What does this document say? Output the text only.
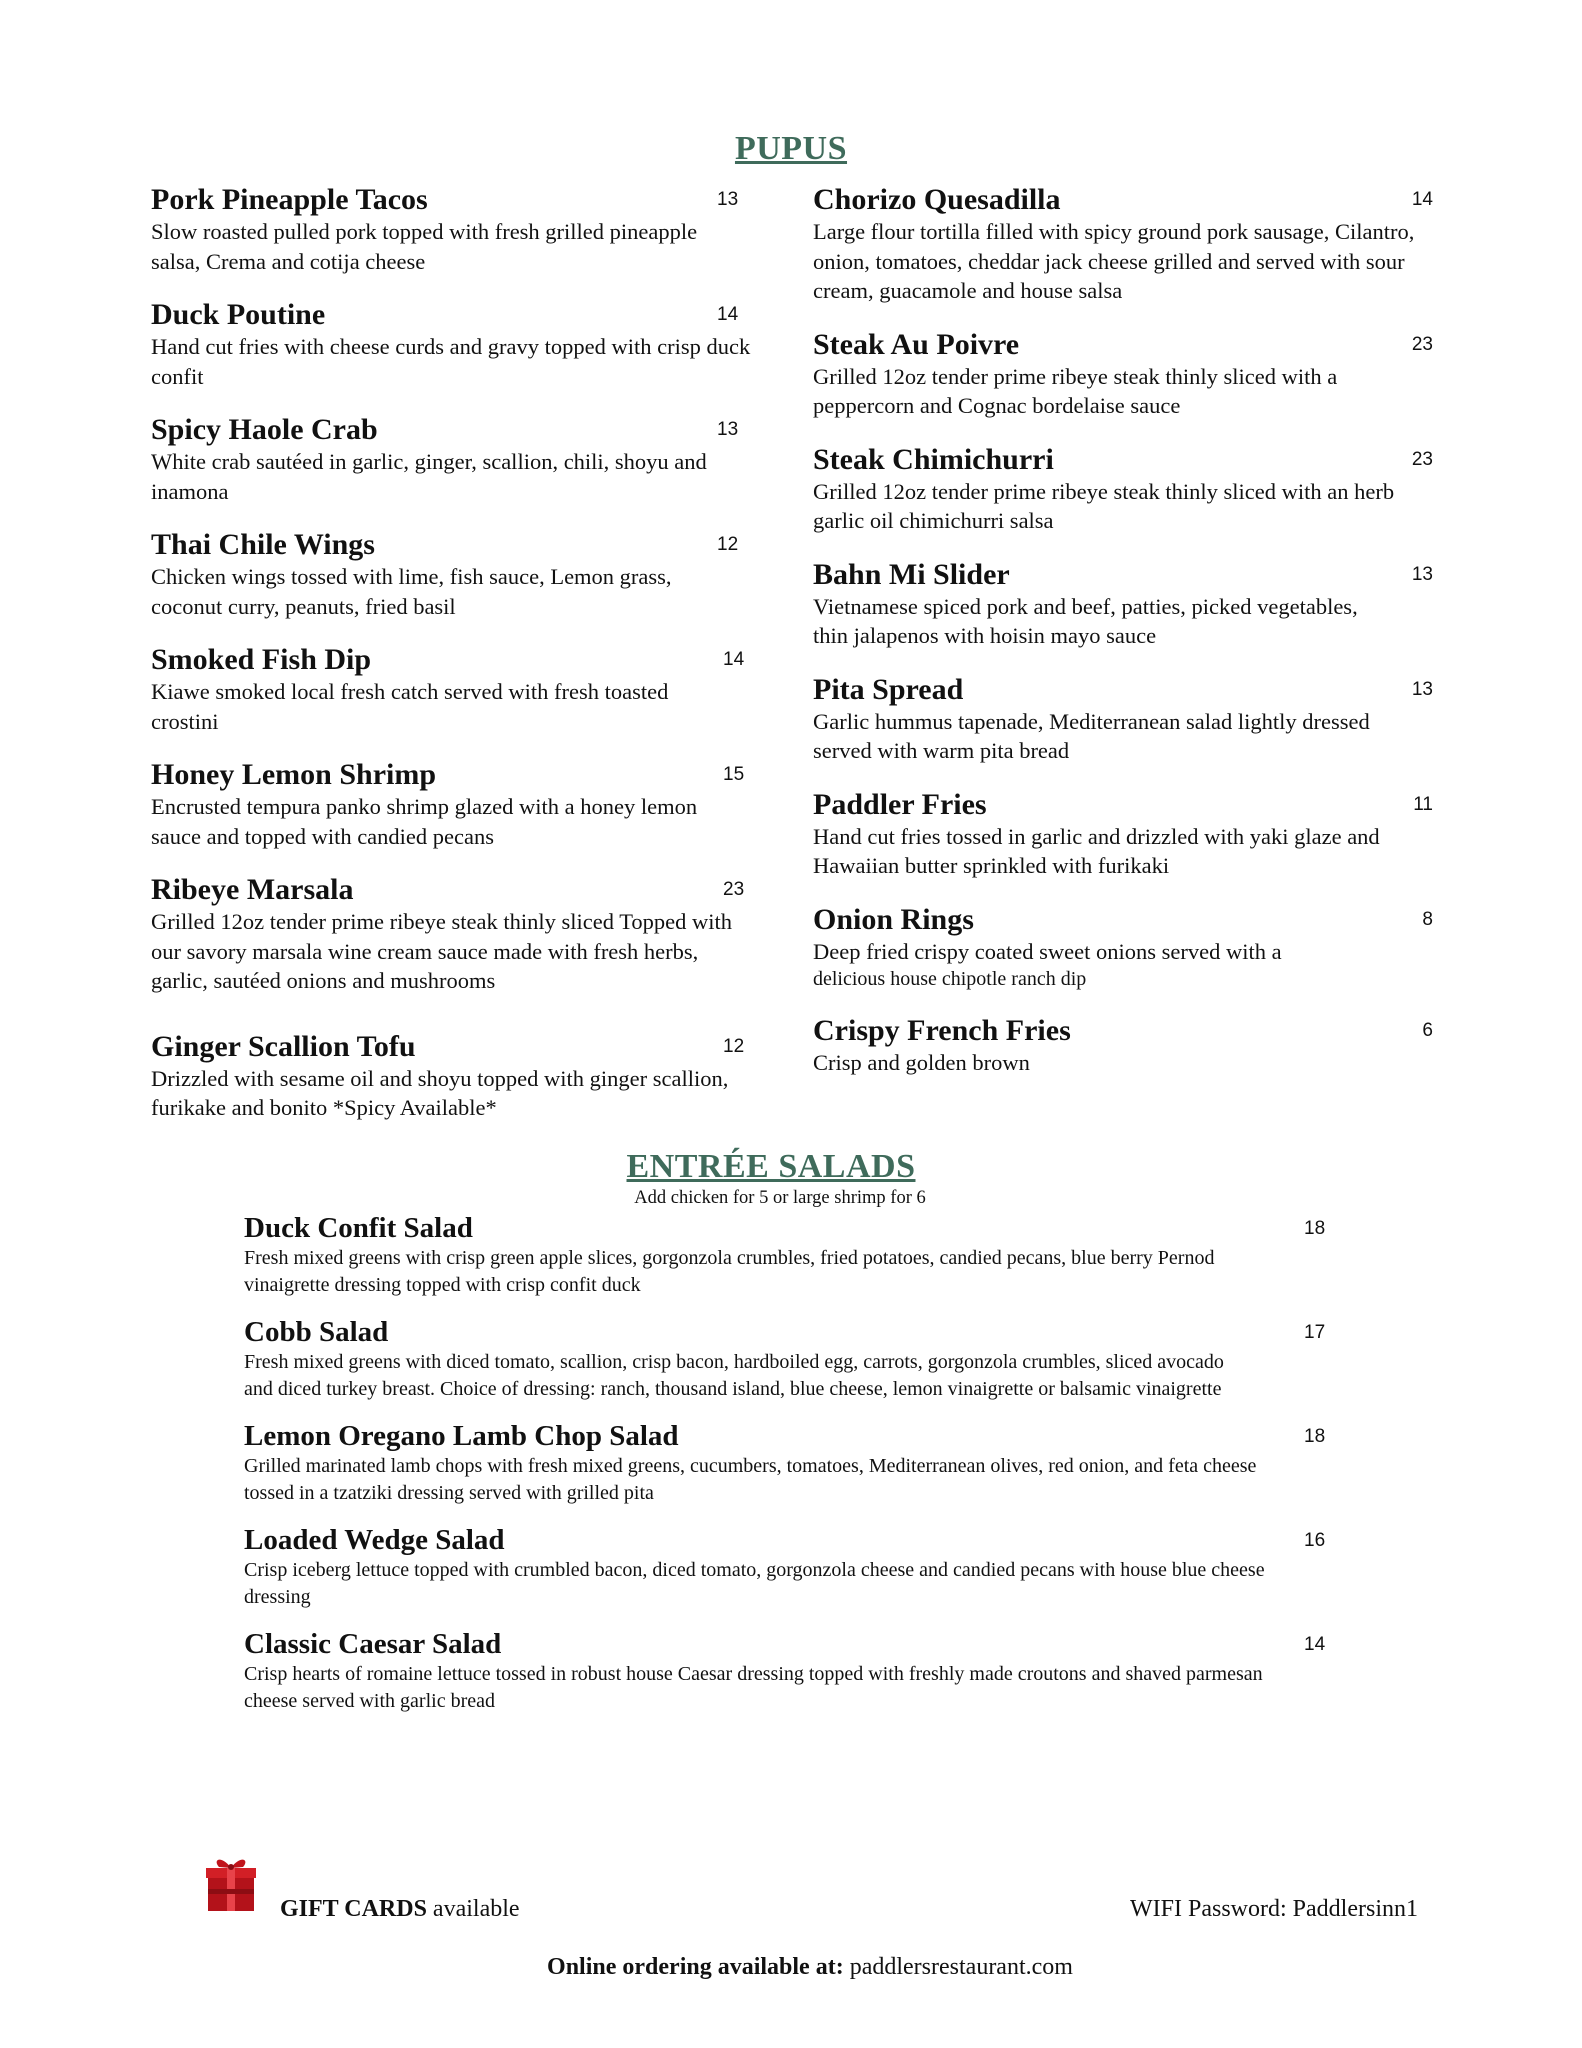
PUPUS
Pork Pineapple Tacos	13
Slow roasted pulled pork topped with fresh grilled pineapple salsa, Crema and cotija cheese
Duck Poutine	14
Hand cut fries with cheese curds and gravy topped with crisp duck confit
Spicy Haole Crab	13
White crab sautéed in garlic, ginger, scallion, chili, shoyu and inamona
Thai Chile Wings	12
Chicken wings tossed with lime, fish sauce, Lemon grass, coconut curry, peanuts, fried basil
Smoked Fish Dip	14
Kiawe smoked local fresh catch served with fresh toasted crostini
Honey Lemon Shrimp	15
Encrusted tempura panko shrimp glazed with a honey lemon sauce and topped with candied pecans
Ribeye Marsala	23
Grilled 12oz tender prime ribeye steak thinly sliced Topped with our savory marsala wine cream sauce made with fresh herbs, garlic, sautéed onions and mushrooms
Ginger Scallion Tofu	12
Drizzled with sesame oil and shoyu topped with ginger scallion, furikake and bonito *Spicy Available*
Chorizo Quesadilla	14
Large flour tortilla filled with spicy ground pork sausage, Cilantro, onion, tomatoes, cheddar jack cheese grilled and served with sour cream, guacamole and house salsa
Steak Au Poivre	23
Grilled 12oz tender prime ribeye steak thinly sliced with a peppercorn and Cognac bordelaise sauce
Steak Chimichurri	23
Grilled 12oz tender prime ribeye steak thinly sliced with an herb garlic oil chimichurri salsa
Bahn Mi Slider	13
Vietnamese spiced pork and beef, patties, picked vegetables, thin jalapenos with hoisin mayo sauce
Pita Spread	13
Garlic hummus tapenade, Mediterranean salad lightly dressed served with warm pita bread
Paddler Fries	11
Hand cut fries tossed in garlic and drizzled with yaki glaze and Hawaiian butter sprinkled with furikaki
Onion Rings	8
Deep fried crispy coated sweet onions served with a
delicious house chipotle ranch dip
Crispy French Fries	6
Crisp and golden brown
ENTRÉE SALADS
Add chicken for 5 or large shrimp for 6
Duck Confit Salad	18
Fresh mixed greens with crisp green apple slices, gorgonzola crumbles, fried potatoes, candied pecans, blue berry Pernod vinaigrette dressing topped with crisp confit duck
Cobb Salad	17
Fresh mixed greens with diced tomato, scallion, crisp bacon, hardboiled egg, carrots, gorgonzola crumbles, sliced avocado and diced turkey breast. Choice of dressing: ranch, thousand island, blue cheese, lemon vinaigrette or balsamic vinaigrette
Lemon Oregano Lamb Chop Salad	18
Grilled marinated lamb chops with fresh mixed greens, cucumbers, tomatoes, Mediterranean olives, red onion, and feta cheese tossed in a tzatziki dressing served with grilled pita
Loaded Wedge Salad	16
Crisp iceberg lettuce topped with crumbled bacon, diced tomato, gorgonzola cheese and candied pecans with house blue cheese dressing
Classic Caesar Salad	14
Crisp hearts of romaine lettuce tossed in robust house Caesar dressing topped with freshly made croutons and shaved parmesan cheese served with garlic bread
GIFT CARDS available	WIFI Password: Paddlersinn1
Online ordering available at: paddlersrestaurant.com
